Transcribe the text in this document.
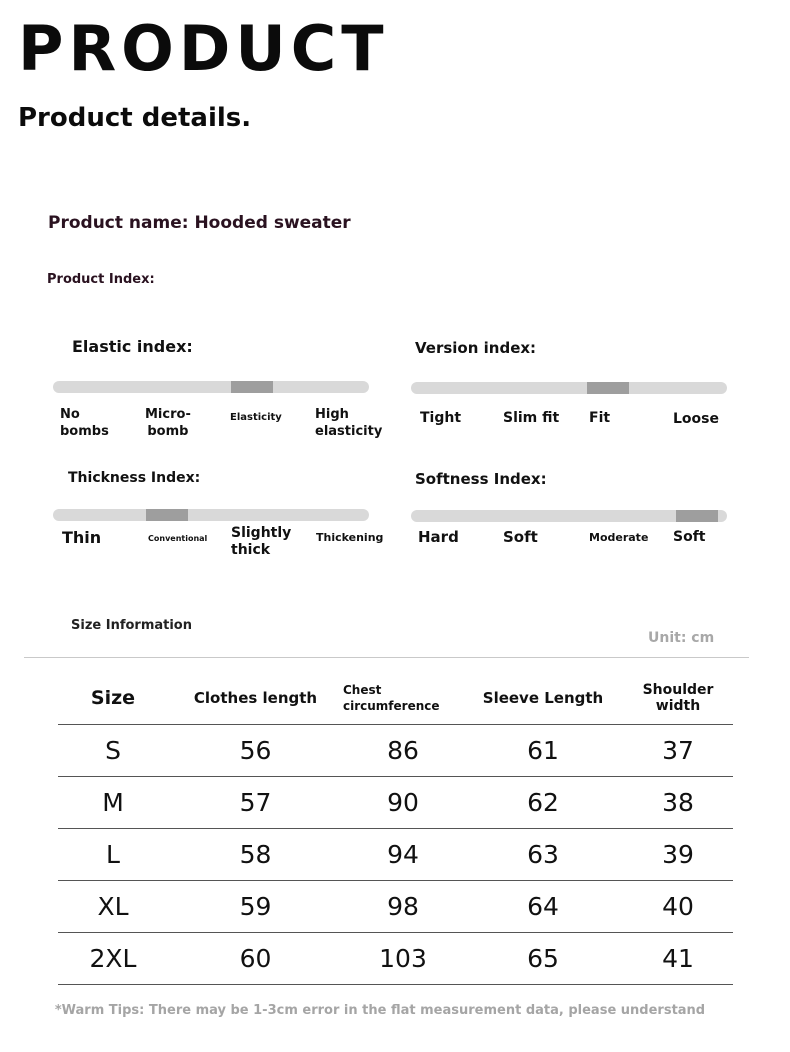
PRODUCT
Product details.
Product name: Hooded sweater
Product Index:
Elastic index:
No
bombs
Micro-
bomb
Elasticity	High
elasticity
Version index:
Tight	Slim fit Fit	Loose
Thickness Index:
Thin	Conventional Slightly
thick
Thickening
Softness Index:
Hard	Soft	Moderate Soft
Size Information
Unit: cm
Size	Clothes length	Chest
circumference	Sleeve Length	Shoulder width
S	56	86	61	37
M	57	90	62	38
L	58	94	63	39
XL	59	98	64	40
2XL	60	103	65	41
*Warm Tips: There may be 1-3cm error in the flat measurement data, please understand
